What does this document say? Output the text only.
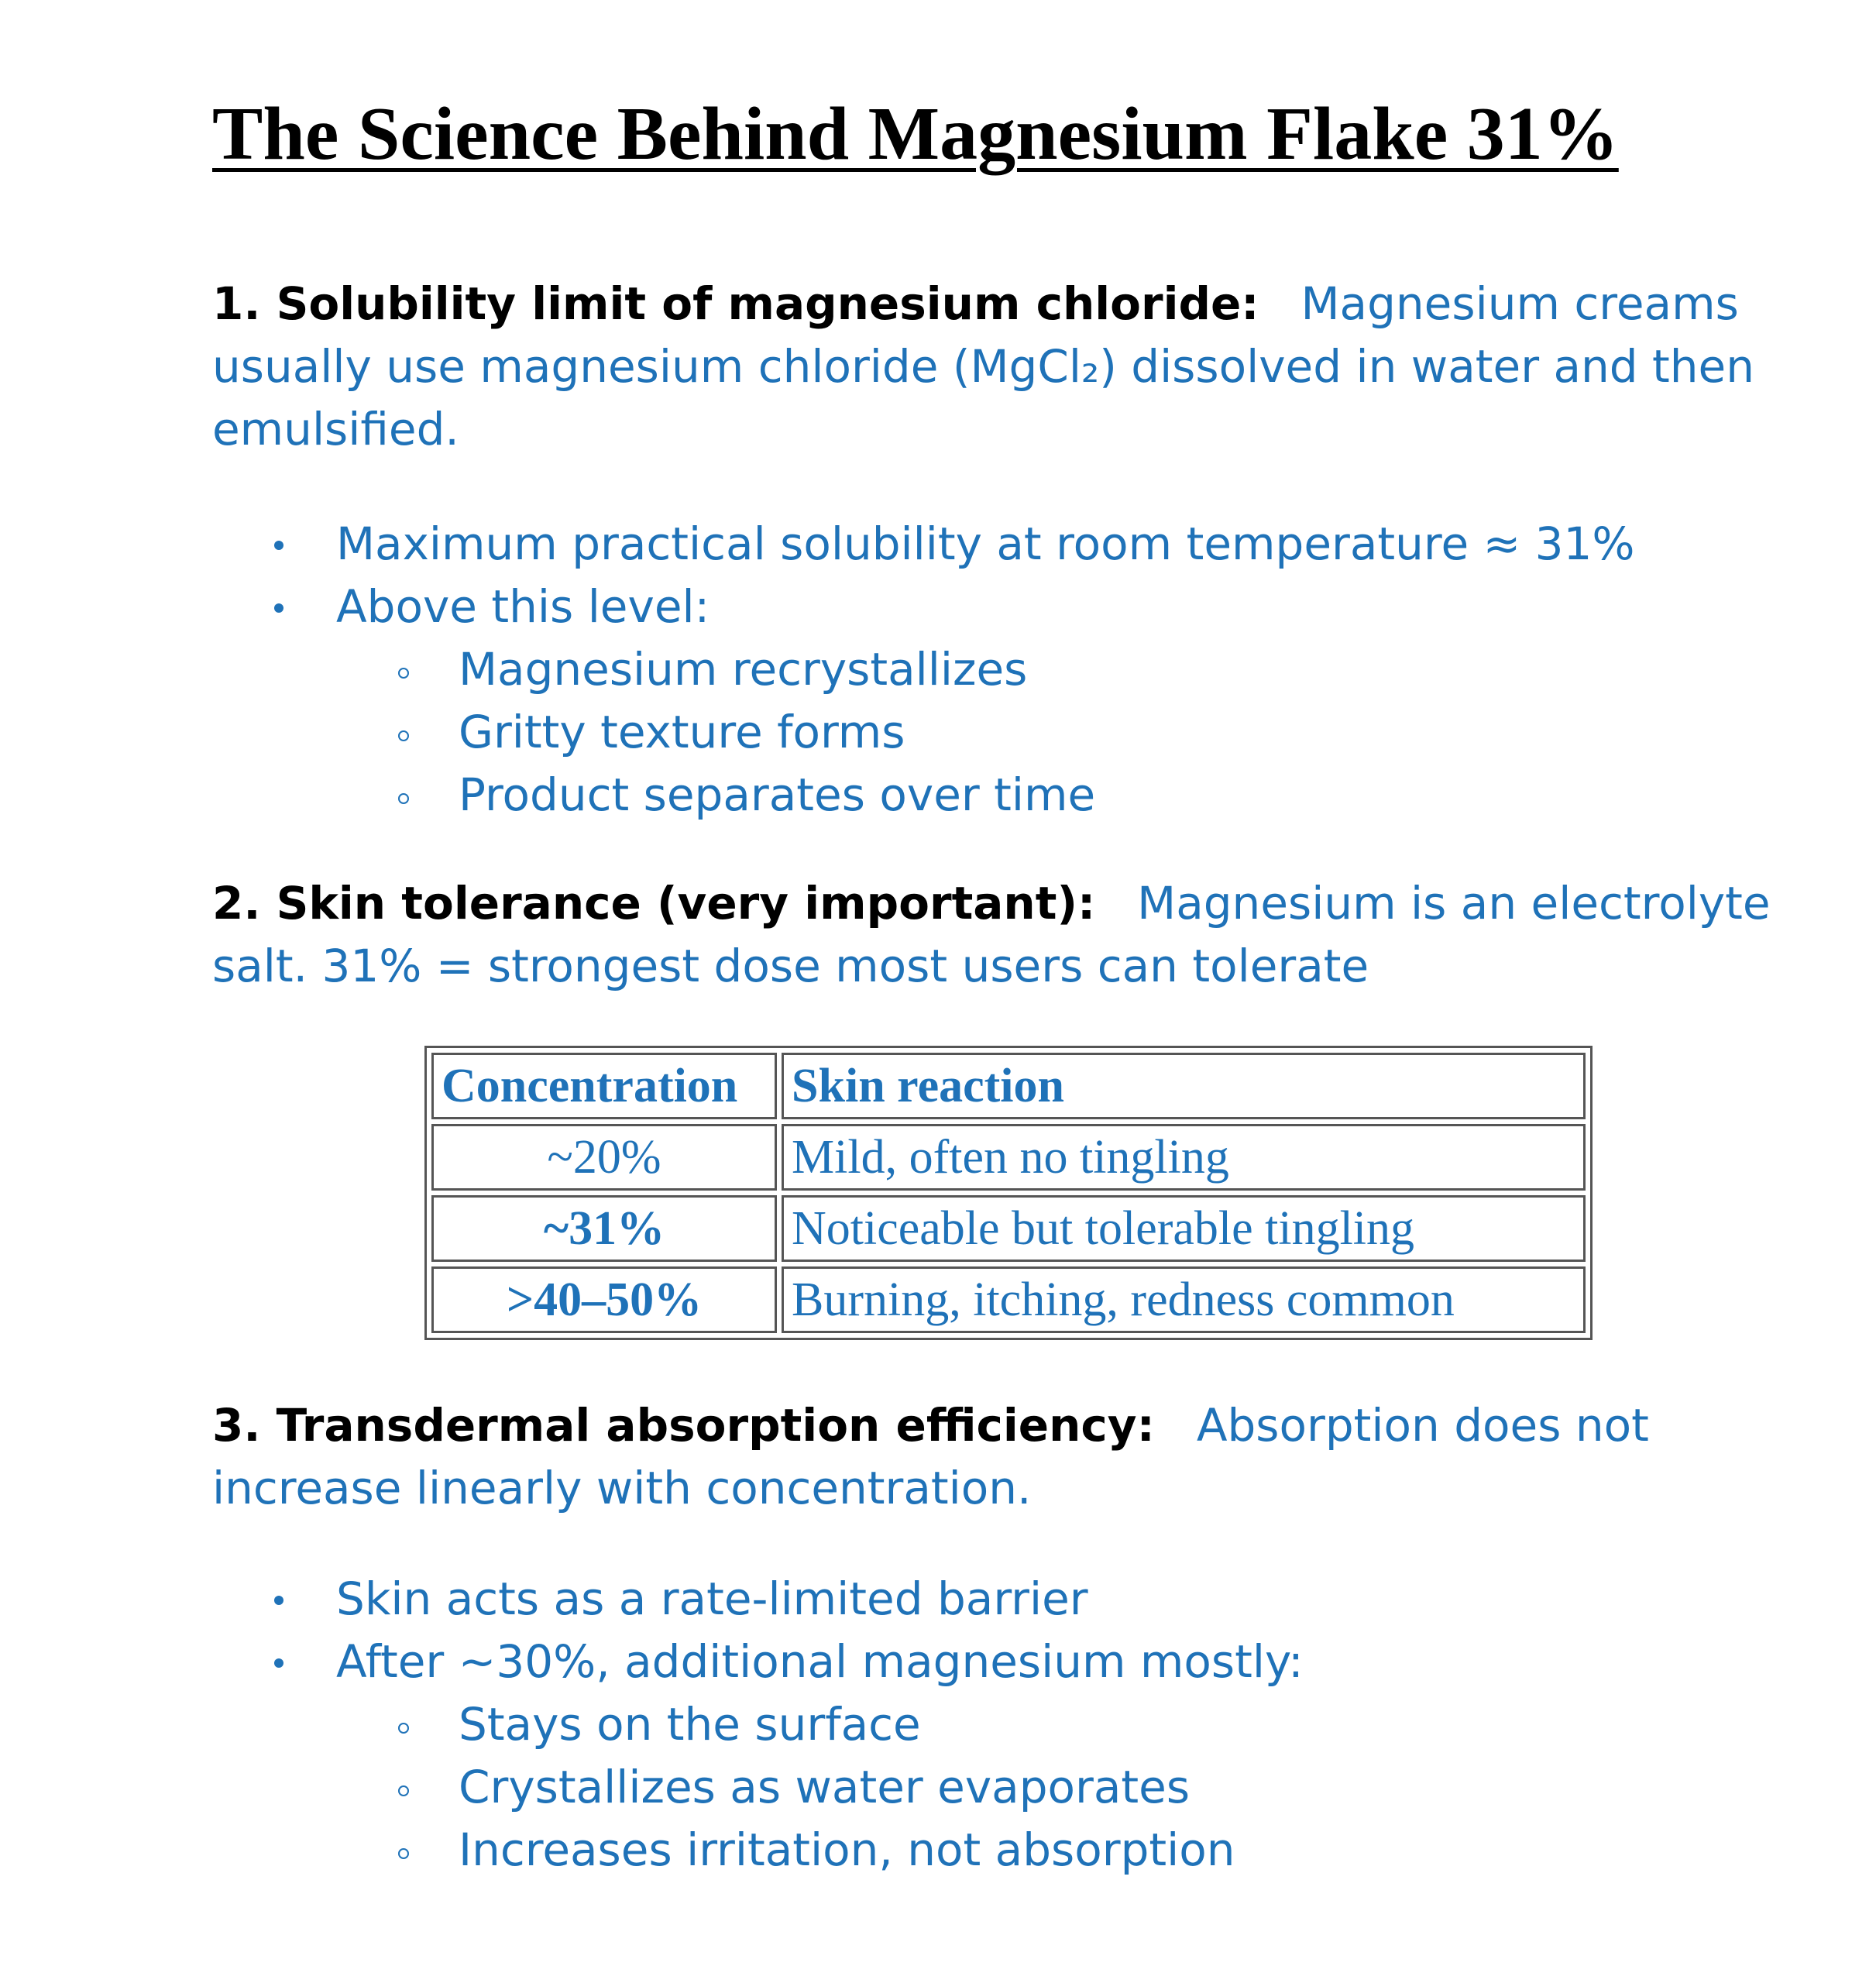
The Science Behind Magnesium Flake 31%

1. Solubility limit of magnesium chloride: Magnesium creams usually use magnesium chloride (MgCl₂) dissolved in water and then emulsified.

Maximum practical solubility at room temperature ≈ 31%
Above this level:
Magnesium recrystallizes
Gritty texture forms
Product separates over time

2. Skin tolerance (very important): Magnesium is an electrolyte salt. 31% = strongest dose most users can tolerate

Concentration	Skin reaction
~20%	Mild, often no tingling
~31%	Noticeable but tolerable tingling
>40–50%	Burning, itching, redness common

3. Transdermal absorption efficiency: Absorption does not increase linearly with concentration.

Skin acts as a rate-limited barrier
After ~30%, additional magnesium mostly:
Stays on the surface
Crystallizes as water evaporates
Increases irritation, not absorption
